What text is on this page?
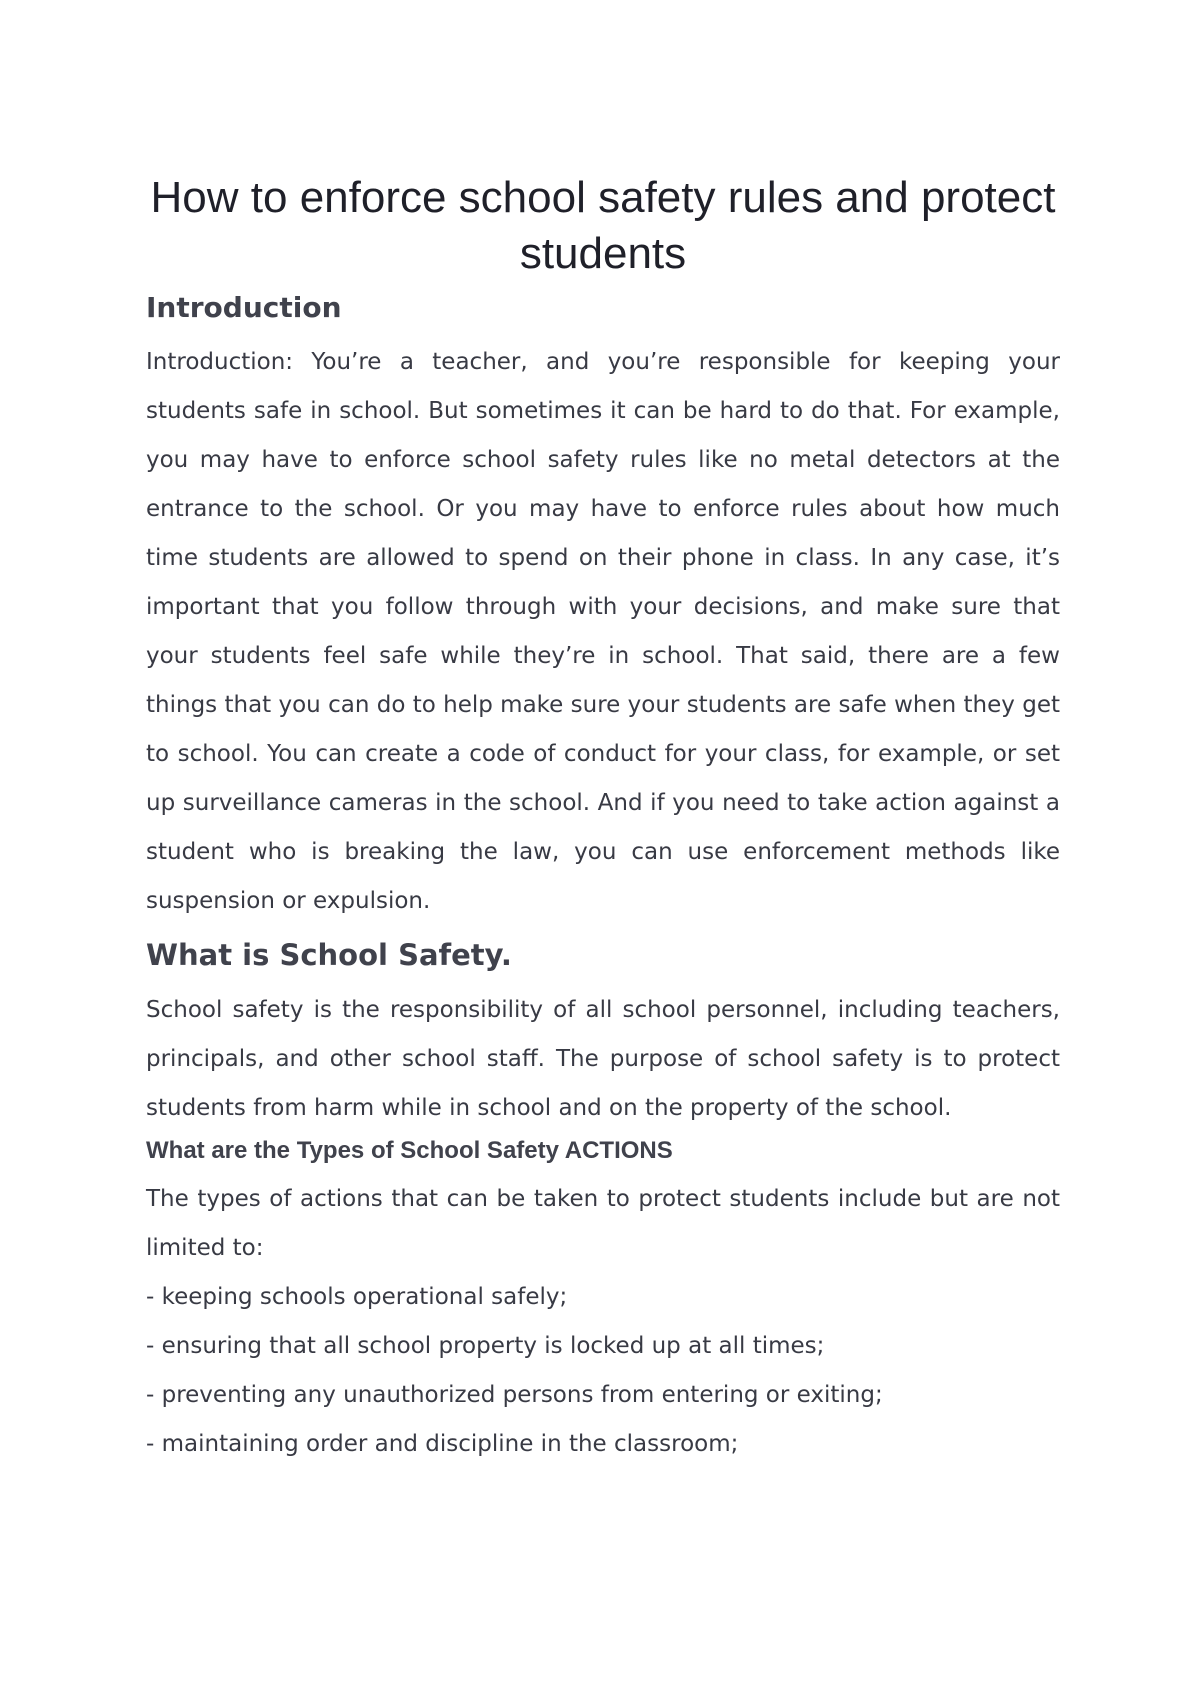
How to enforce school safety rules and protect students
Introduction

Introduction: You’re a teacher, and you’re responsible for keeping your students safe in school. But sometimes it can be hard to do that. For example, you may have to enforce school safety rules like no metal detectors at the entrance to the school. Or you may have to enforce rules about how much time students are allowed to spend on their phone in class. In any case, it’s important that you follow through with your decisions, and make sure that your students feel safe while they’re in school. That said, there are a few things that you can do to help make sure your students are safe when they get to school. You can create a code of conduct for your class, for example, or set up surveillance cameras in the school. And if you need to take action against a student who is breaking the law, you can use enforcement methods like suspension or expulsion.

What is School Safety.

School safety is the responsibility of all school personnel, including teachers, principals, and other school staff. The purpose of school safety is to protect students from harm while in school and on the property of the school.

What are the Types of School Safety ACTIONS

The types of actions that can be taken to protect students include but are not limited to:

- keeping schools operational safely;
- ensuring that all school property is locked up at all times;
- preventing any unauthorized persons from entering or exiting;
- maintaining order and discipline in the classroom;
